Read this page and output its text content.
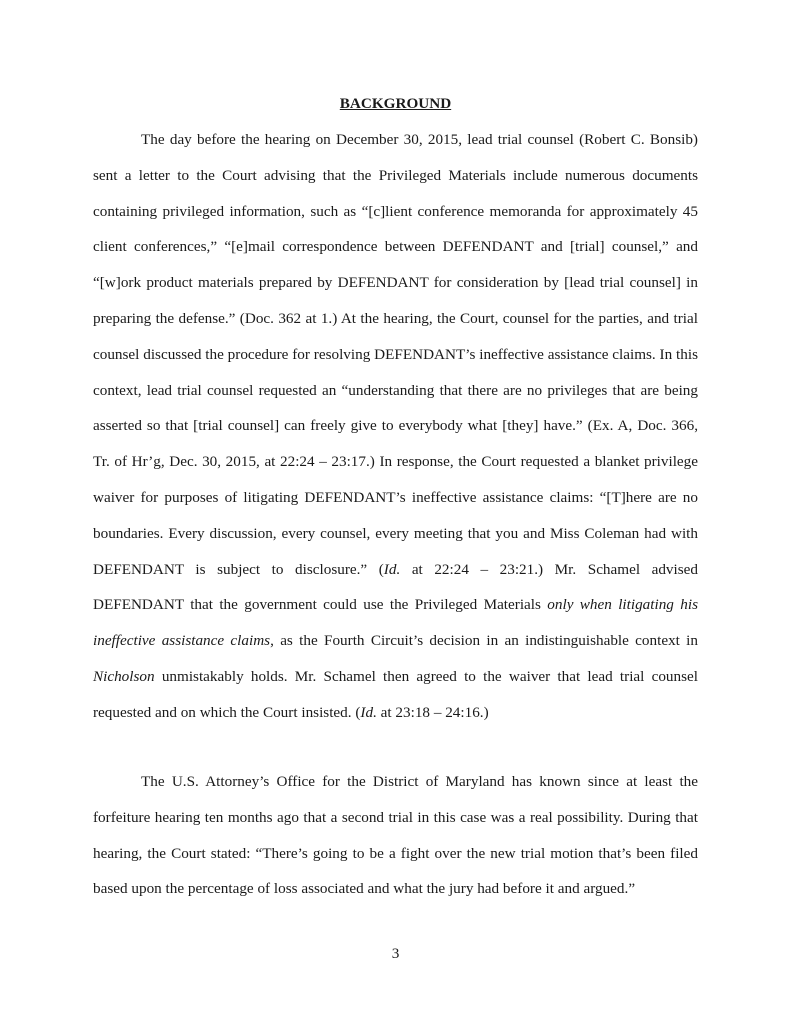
BACKGROUND

The day before the hearing on December 30, 2015, lead trial counsel (Robert C. Bonsib) sent a letter to the Court advising that the Privileged Materials include numerous documents containing privileged information, such as “[c]lient conference memoranda for approximately 45 client conferences,” “[e]mail correspondence between DEFENDANT and [trial] counsel,” and “[w]ork product materials prepared by DEFENDANT for consideration by [lead trial counsel] in preparing the defense.” (Doc. 362 at 1.) At the hearing, the Court, counsel for the parties, and trial counsel discussed the procedure for resolving DEFENDANT’s ineffective assistance claims. In this context, lead trial counsel requested an “understanding that there are no privileges that are being asserted so that [trial counsel] can freely give to everybody what [they] have.” (Ex. A, Doc. 366, Tr. of Hr’g, Dec. 30, 2015, at 22:24 – 23:17.) In response, the Court requested a blanket privilege waiver for purposes of litigating DEFENDANT’s ineffective assistance claims: “[T]here are no boundaries. Every discussion, every counsel, every meeting that you and Miss Coleman had with DEFENDANT is subject to disclosure.” (Id. at 22:24 – 23:21.) Mr. Schamel advised DEFENDANT that the government could use the Privileged Materials only when litigating his ineffective assistance claims, as the Fourth Circuit’s decision in an indistinguishable context in Nicholson unmistakably holds. Mr. Schamel then agreed to the waiver that lead trial counsel requested and on which the Court insisted. (Id. at 23:18 – 24:16.)

The U.S. Attorney’s Office for the District of Maryland has known since at least the forfeiture hearing ten months ago that a second trial in this case was a real possibility. During that hearing, the Court stated: “There’s going to be a fight over the new trial motion that’s been filed based upon the percentage of loss associated and what the jury had before it and argued.”

3
